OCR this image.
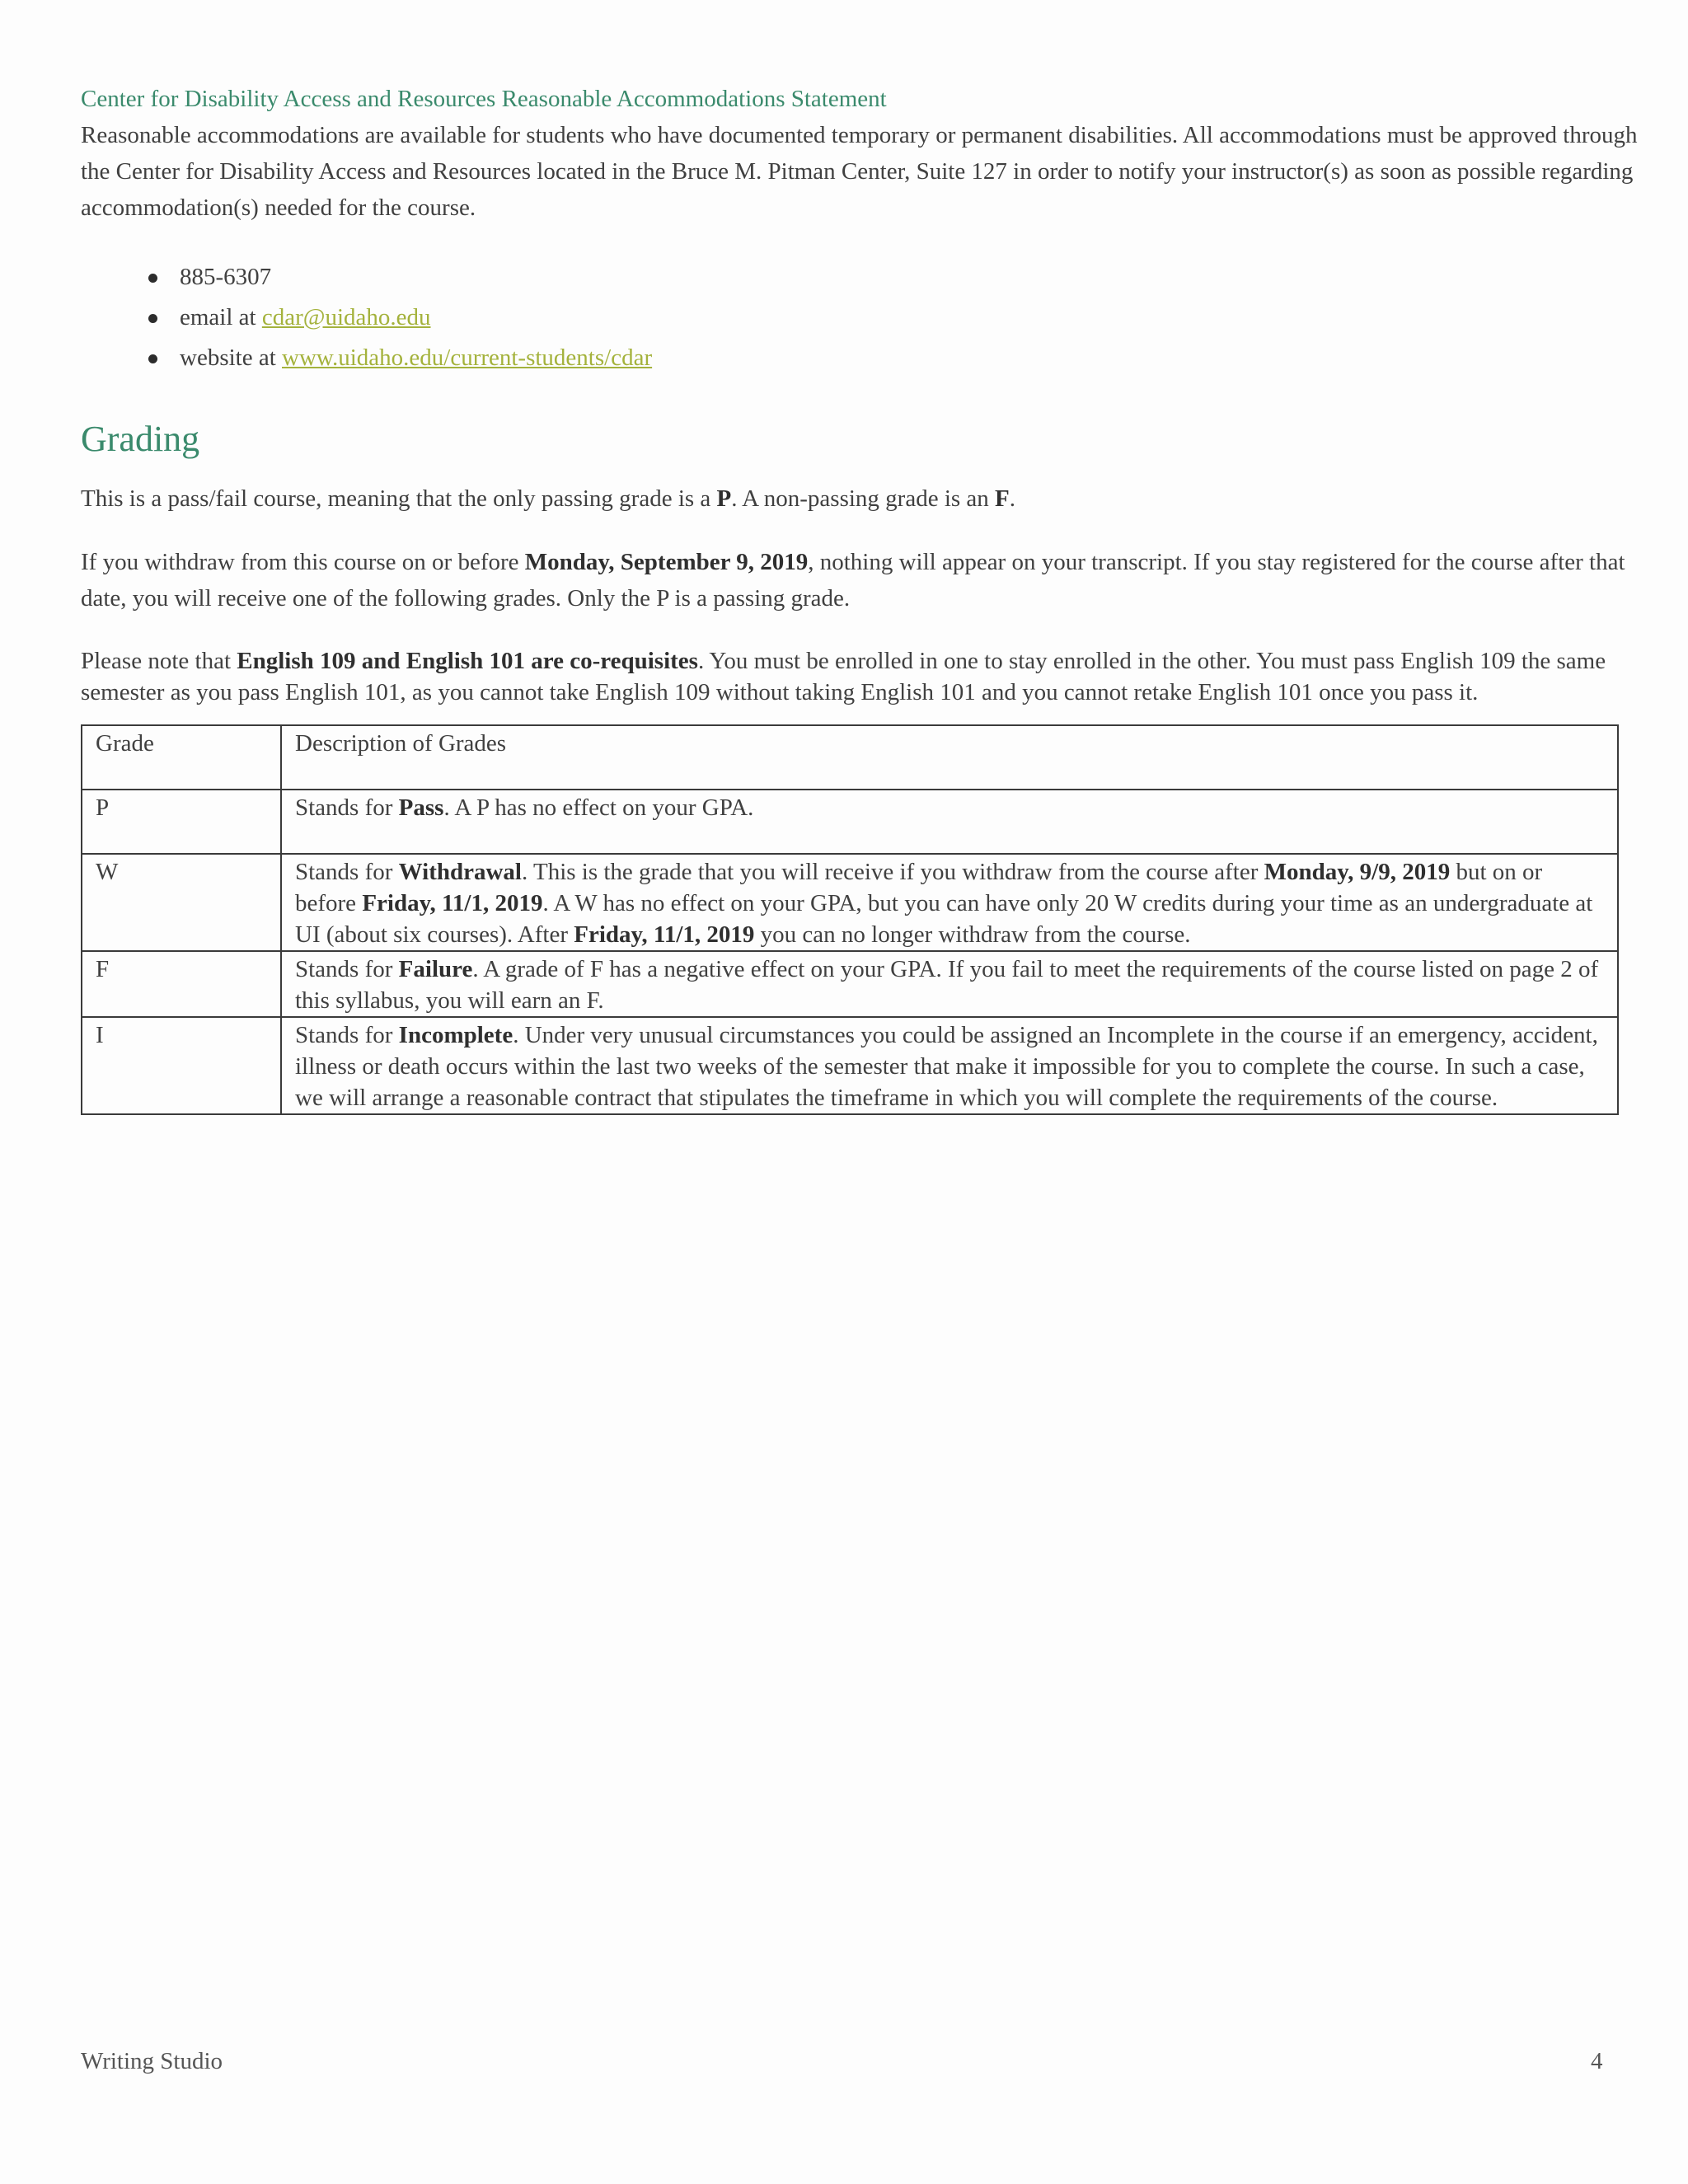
Center for Disability Access and Resources Reasonable Accommodations Statement

Reasonable accommodations are available for students who have documented temporary or permanent disabilities. All accommodations must be approved through the Center for Disability Access and Resources located in the Bruce M. Pitman Center, Suite 127 in order to notify your instructor(s) as soon as possible regarding accommodation(s) needed for the course.

885-6307
email at cdar@uidaho.edu
website at www.uidaho.edu/current-students/cdar
Grading

This is a pass/fail course, meaning that the only passing grade is a P. A non-passing grade is an F.

If you withdraw from this course on or before Monday, September 9, 2019, nothing will appear on your transcript. If you stay registered for the course after that date, you will receive one of the following grades. Only the P is a passing grade.

Please note that English 109 and English 101 are co-requisites. You must be enrolled in one to stay enrolled in the other. You must pass English 109 the same semester as you pass English 101, as you cannot take English 109 without taking English 101 and you cannot retake English 101 once you pass it.

Grade	Description of Grades
P	Stands for Pass. A P has no effect on your GPA.
W	Stands for Withdrawal. This is the grade that you will receive if you withdraw from the course after Monday, 9/9, 2019 but on or before Friday, 11/1, 2019. A W has no effect on your GPA, but you can have only 20 W credits during your time as an undergraduate at UI (about six courses). After Friday, 11/1, 2019 you can no longer withdraw from the course.
F	Stands for Failure. A grade of F has a negative effect on your GPA. If you fail to meet the requirements of the course listed on page 2 of this syllabus, you will earn an F.
I	Stands for Incomplete. Under very unusual circumstances you could be assigned an Incomplete in the course if an emergency, accident, illness or death occurs within the last two weeks of the semester that make it impossible for you to complete the course. In such a case, we will arrange a reasonable contract that stipulates the timeframe in which you will complete the requirements of the course.
Writing Studio	4
